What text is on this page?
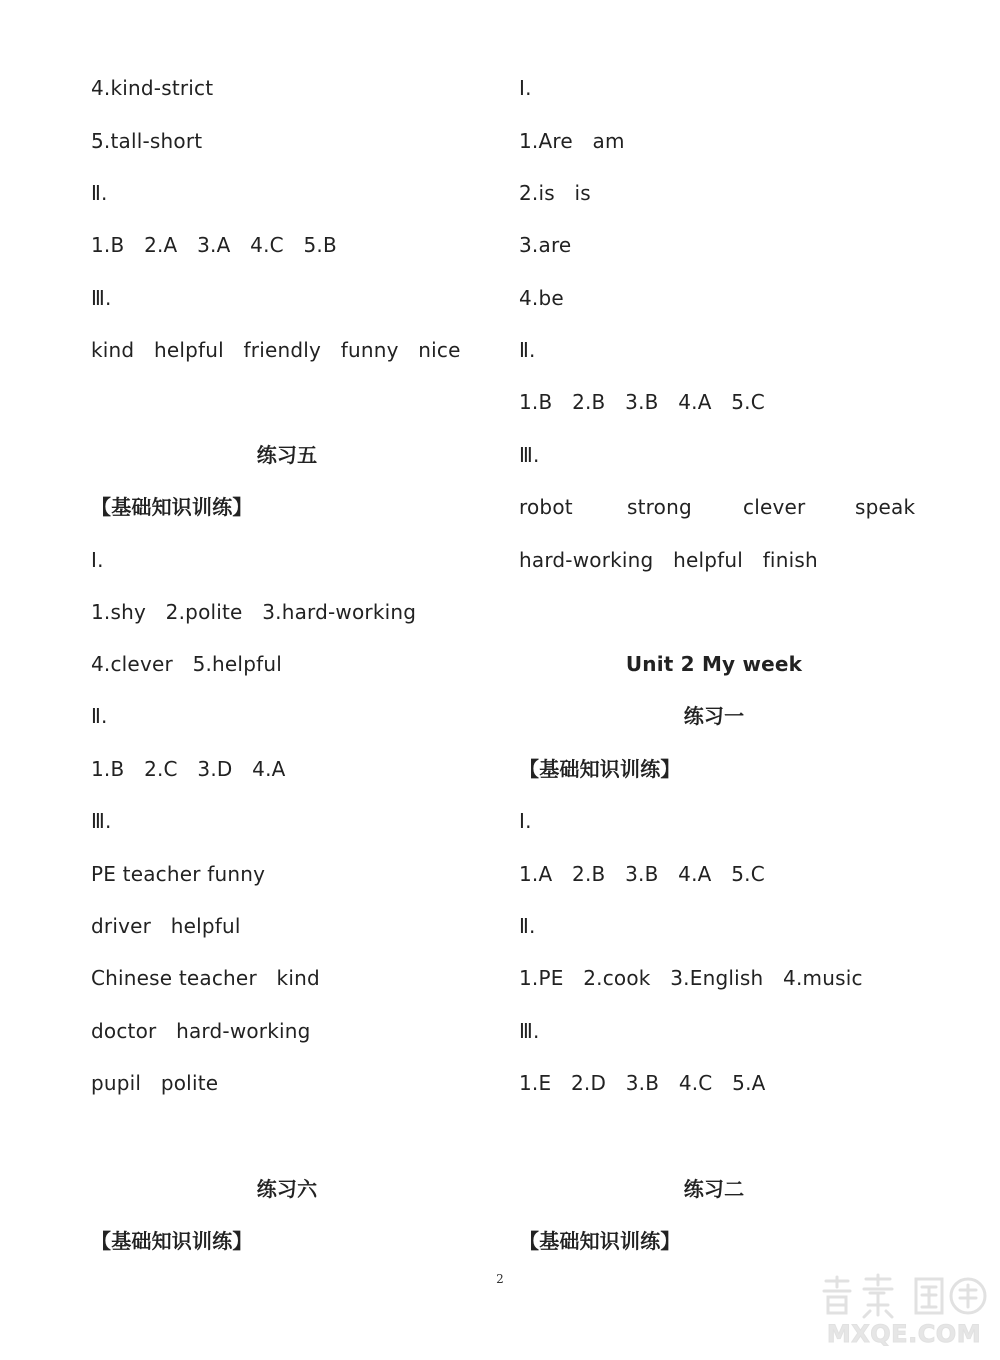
4.kind-strict
5.tall-short
Ⅱ.
1.B   2.A   3.A   4.C   5.B
Ⅲ.
kind   helpful   friendly   funny   nice
练习五
【基础知识训练】
Ⅰ.
1.shy   2.polite   3.hard-working
4.clever   5.helpful
Ⅱ.
1.B   2.C   3.D   4.A
Ⅲ.
PE teacher funny
driver   helpful
Chinese teacher   kind
doctor   hard-working
pupil   polite
练习六
【基础知识训练】
Ⅰ.
1.Are   am
2.is   is
3.are
4.be
Ⅱ.
1.B   2.B   3.B   4.A   5.C
Ⅲ.
robot	strong	clever speak
hard-working   helpful   finish
Unit 2 My week
练习一
【基础知识训练】
Ⅰ.
1.A   2.B   3.B   4.A   5.C
Ⅱ.
1.PE   2.cook   3.English   4.music
Ⅲ.
1.E   2.D   3.B   4.C   5.A
练习二
【基础知识训练】
2
MXQE.COM
